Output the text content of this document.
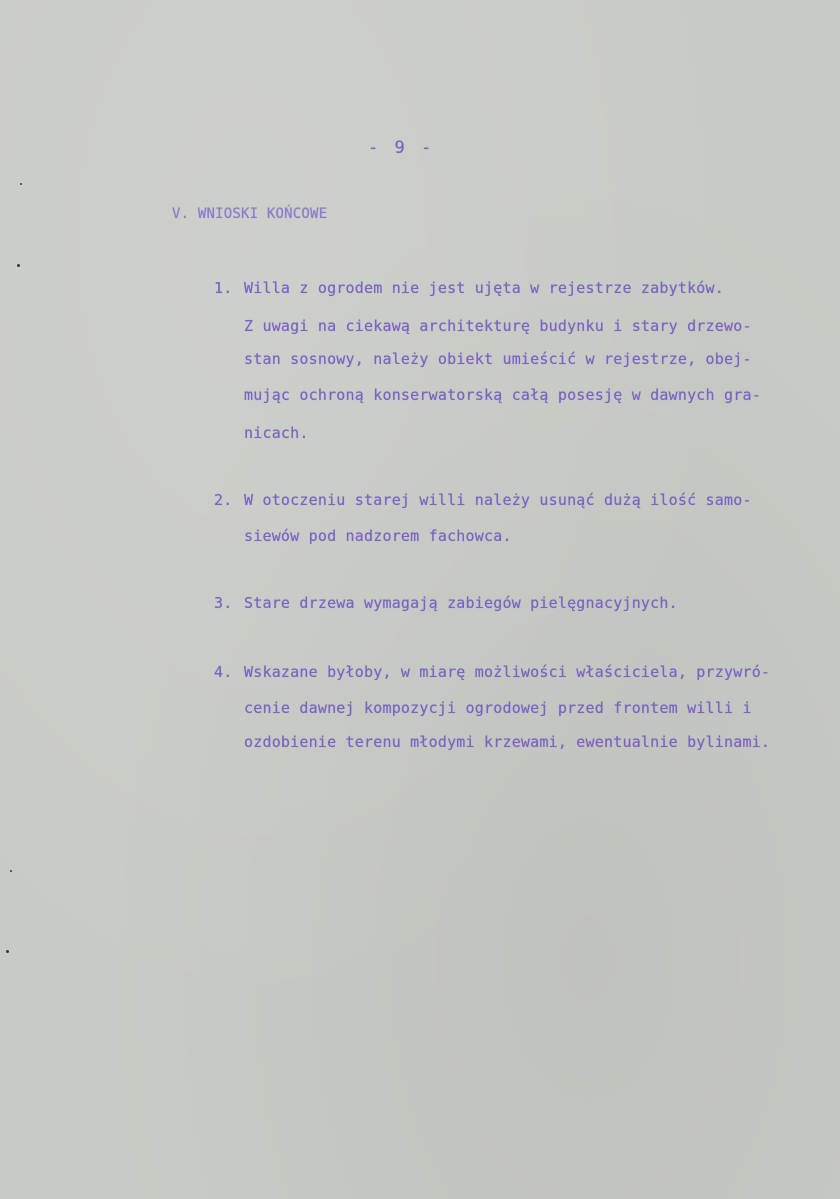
- 9 -
V. WNIOSKI KOŃCOWE
1. Willa z ogrodem nie jest ujęta w rejestrze zabytków.
Z uwagi na ciekawą architekturę budynku i stary drzewo-
stan sosnowy, należy obiekt umieścić w rejestrze, obej-
mując ochroną konserwatorską całą posesję w dawnych gra-
nicach.
2. W otoczeniu starej willi należy usunąć dużą ilość samo-
siewów pod nadzorem fachowca.
3. Stare drzewa wymagają zabiegów pielęgnacyjnych.
4. Wskazane byłoby, w miarę możliwości właściciela, przywró-
cenie dawnej kompozycji ogrodowej przed frontem willi i
ozdobienie terenu młodymi krzewami, ewentualnie bylinami.
